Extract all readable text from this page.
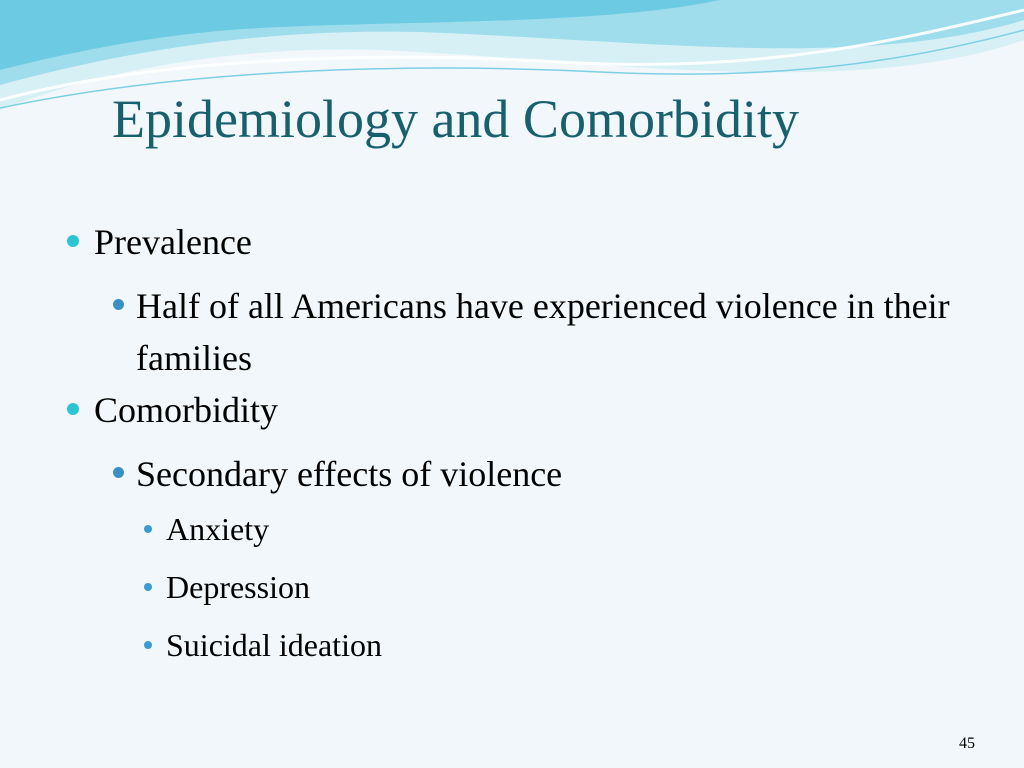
Epidemiology and Comorbidity
Prevalence
Half of all Americans have experienced violence in their families
Comorbidity
Secondary effects of violence
Anxiety
Depression
Suicidal ideation
45
